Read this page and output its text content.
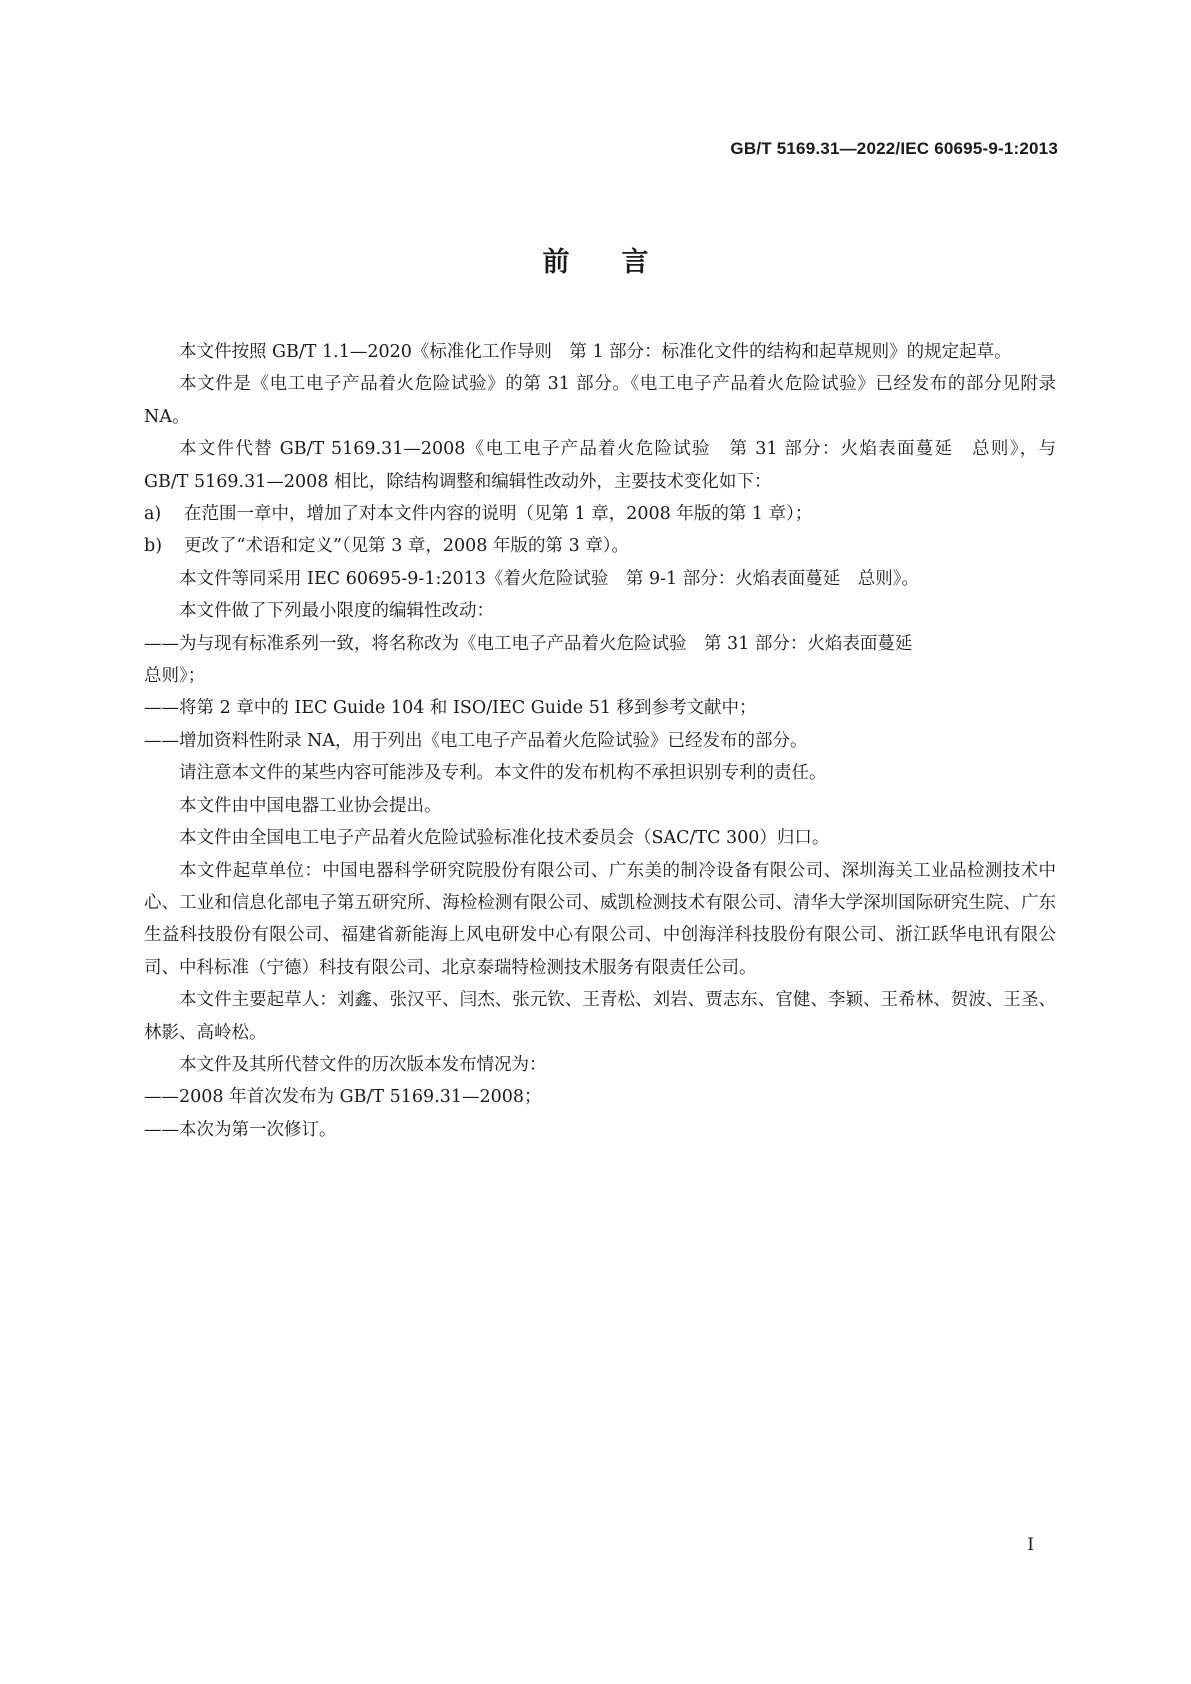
GB/T 5169.31—2022/IEC 60695-9-1:2013
前言

本文件按照 GB/T 1.1—2020《标准化工作导则　第 1 部分：标准化文件的结构和起草规则》的规定起草。

本文件是《电工电子产品着火危险试验》的第 31 部分。《电工电子产品着火危险试验》已经发布的部分见附录 NA。

本文件代替 GB/T 5169.31—2008《电工电子产品着火危险试验　第 31 部分：火焰表面蔓延　总则》，与 GB/T 5169.31—2008 相比，除结构调整和编辑性改动外，主要技术变化如下：

a) 在范围一章中，增加了对本文件内容的说明（见第 1 章，2008 年版的第 1 章）；

b) 更改了“术语和定义”（见第 3 章，2008 年版的第 3 章）。

本文件等同采用 IEC 60695-9-1:2013《着火危险试验　第 9-1 部分：火焰表面蔓延　总则》。

本文件做了下列最小限度的编辑性改动：

——为与现有标准系列一致，将名称改为《电工电子产品着火危险试验　第 31 部分：火焰表面蔓延

总则》；

——将第 2 章中的 IEC Guide 104 和 ISO/IEC Guide 51 移到参考文献中；

——增加资料性附录 NA，用于列出《电工电子产品着火危险试验》已经发布的部分。

请注意本文件的某些内容可能涉及专利。本文件的发布机构不承担识别专利的责任。

本文件由中国电器工业协会提出。

本文件由全国电工电子产品着火危险试验标准化技术委员会（SAC/TC 300）归口。

本文件起草单位：中国电器科学研究院股份有限公司、广东美的制冷设备有限公司、深圳海关工业品检测技术中心、工业和信息化部电子第五研究所、海检检测有限公司、威凯检测技术有限公司、清华大学深圳国际研究生院、广东生益科技股份有限公司、福建省新能海上风电研发中心有限公司、中创海洋科技股份有限公司、浙江跃华电讯有限公司、中科标准（宁德）科技有限公司、北京泰瑞特检测技术服务有限责任公司。

本文件主要起草人：刘鑫、张汉平、闫杰、张元钦、王青松、刘岩、贾志东、官健、李颖、王希林、贺波、王圣、林影、高岭松。

本文件及其所代替文件的历次版本发布情况为：

——2008 年首次发布为 GB/T 5169.31—2008；

——本次为第一次修订。

I
